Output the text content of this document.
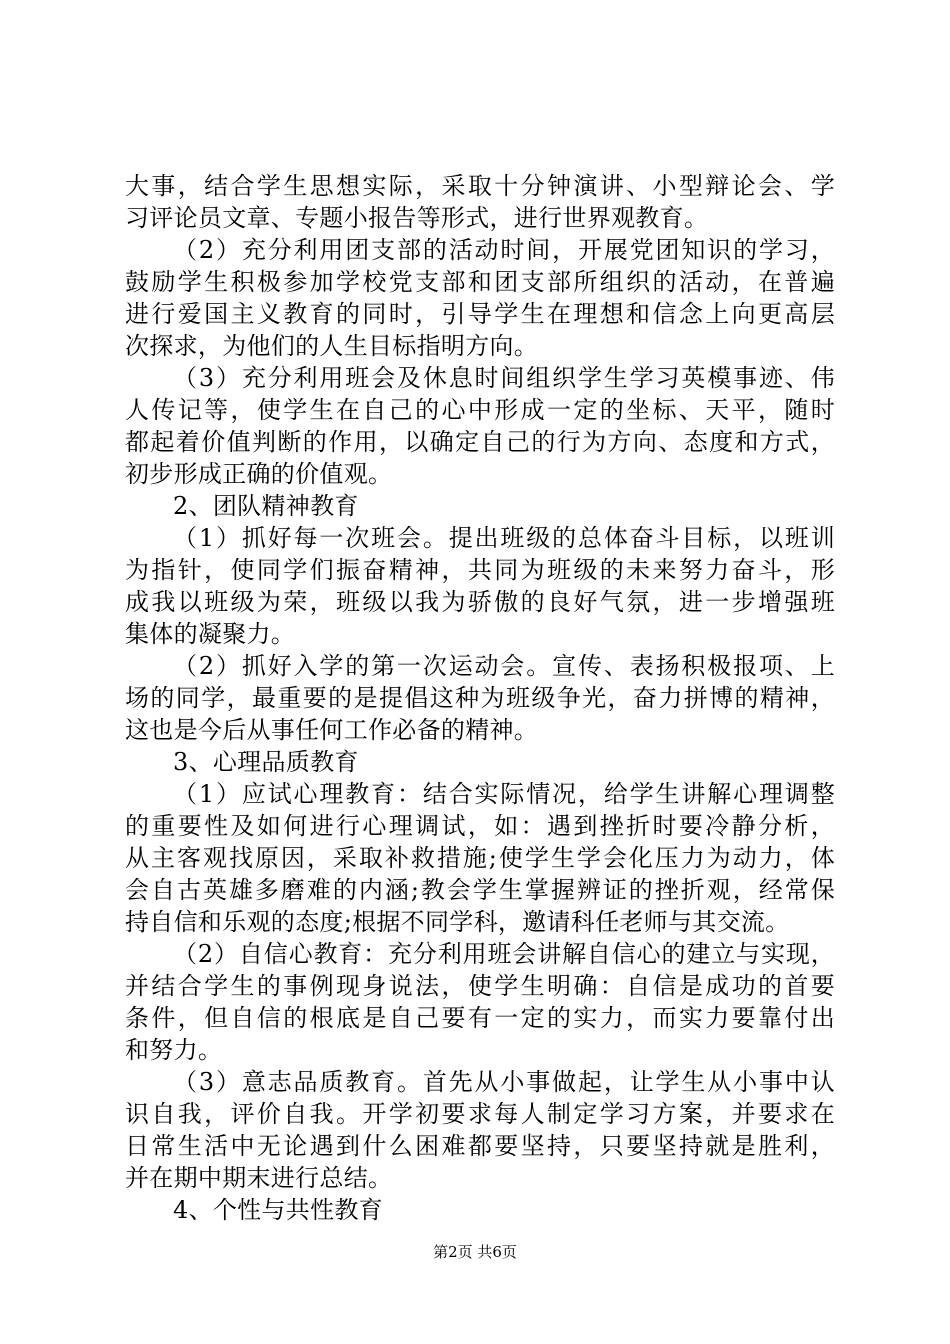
大事，结合学生思想实际，采取十分钟演讲、小型辩论会、学
习评论员文章、专题小报告等形式，进行世界观教育。
（2）充分利用团支部的活动时间，开展党团知识的学习，
鼓励学生积极参加学校党支部和团支部所组织的活动，在普遍
进行爱国主义教育的同时，引导学生在理想和信念上向更高层
次探求，为他们的人生目标指明方向。
（3）充分利用班会及休息时间组织学生学习英模事迹、伟
人传记等，使学生在自己的心中形成一定的坐标、天平，随时
都起着价值判断的作用，以确定自己的行为方向、态度和方式，
初步形成正确的价值观。
2、团队精神教育
（1）抓好每一次班会。提出班级的总体奋斗目标，以班训
为指针，使同学们振奋精神，共同为班级的未来努力奋斗，形
成我以班级为荣，班级以我为骄傲的良好气氛，进一步增强班
集体的凝聚力。
（2）抓好入学的第一次运动会。宣传、表扬积极报项、上
场的同学，最重要的是提倡这种为班级争光，奋力拼博的精神，
这也是今后从事任何工作必备的精神。
3、心理品质教育
（1）应试心理教育：结合实际情况，给学生讲解心理调整
的重要性及如何进行心理调试，如：遇到挫折时要冷静分析，
从主客观找原因，采取补救措施;使学生学会化压力为动力，体
会自古英雄多磨难的内涵;教会学生掌握辨证的挫折观，经常保
持自信和乐观的态度;根据不同学科，邀请科任老师与其交流。
（2）自信心教育：充分利用班会讲解自信心的建立与实现，
并结合学生的事例现身说法，使学生明确：自信是成功的首要
条件，但自信的根底是自己要有一定的实力，而实力要靠付出
和努力。
（3）意志品质教育。首先从小事做起，让学生从小事中认
识自我，评价自我。开学初要求每人制定学习方案，并要求在
日常生活中无论遇到什么困难都要坚持，只要坚持就是胜利，
并在期中期末进行总结。
4、个性与共性教育
第2页 共6页
